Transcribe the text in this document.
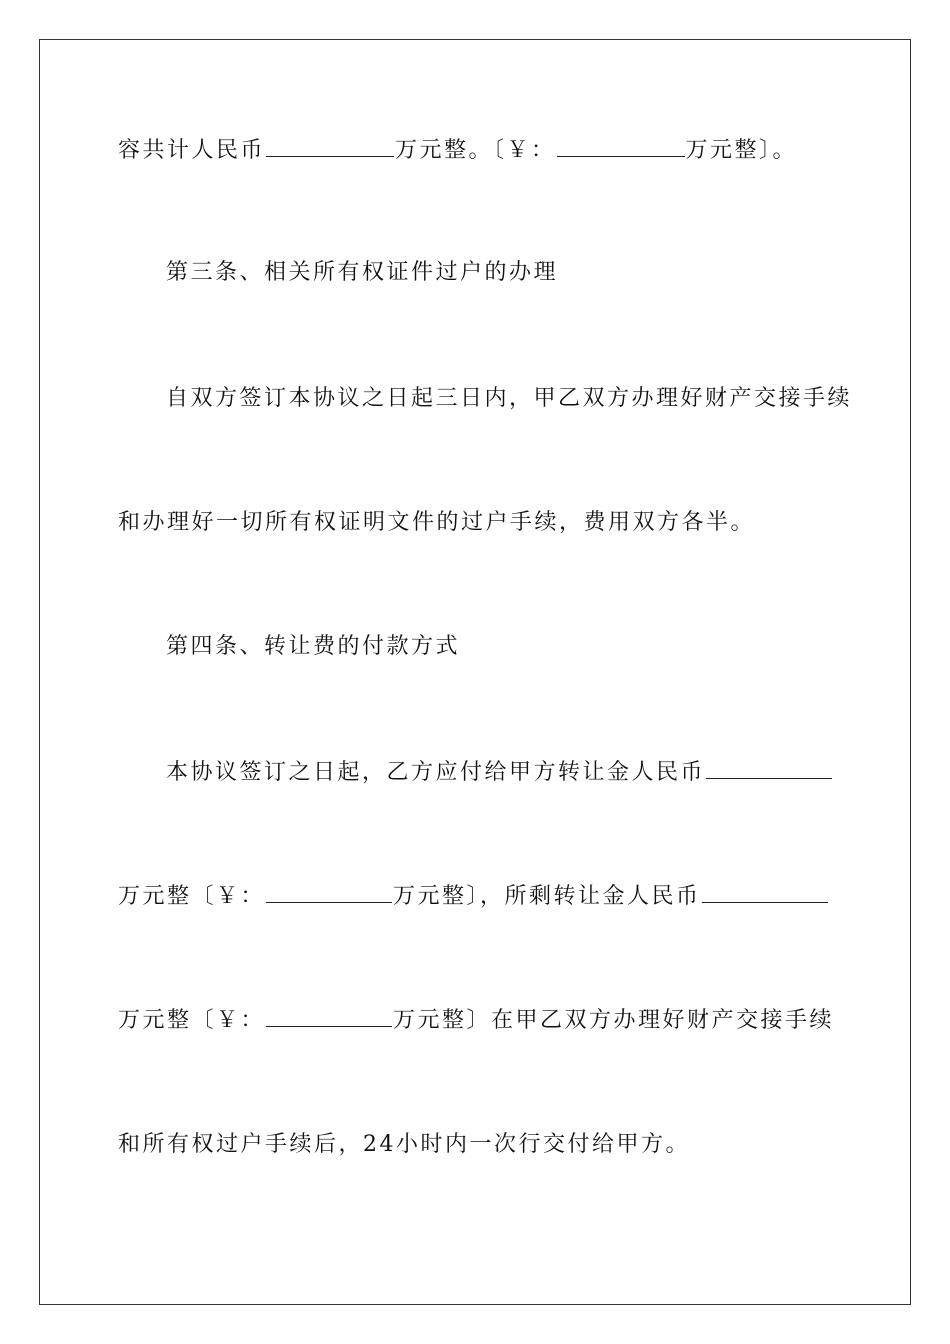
容共计人民币	万元整。〔￥：	万元整〕。
第三条、相关所有权证件过户的办理
自双方签订本协议之日起三日内，甲乙双方办理好财产交接手续
和办理好一切所有权证明文件的过户手续，费用双方各半。
第四条、转让费的付款方式
本协议签订之日起，乙方应付给甲方转让金人民币
万元整〔￥：	万元整〕，所剩转让金人民币
万元整〔￥：	万元整〕在甲乙双方办理好财产交接手续
和所有权过户手续后，24小时内一次行交付给甲方。
